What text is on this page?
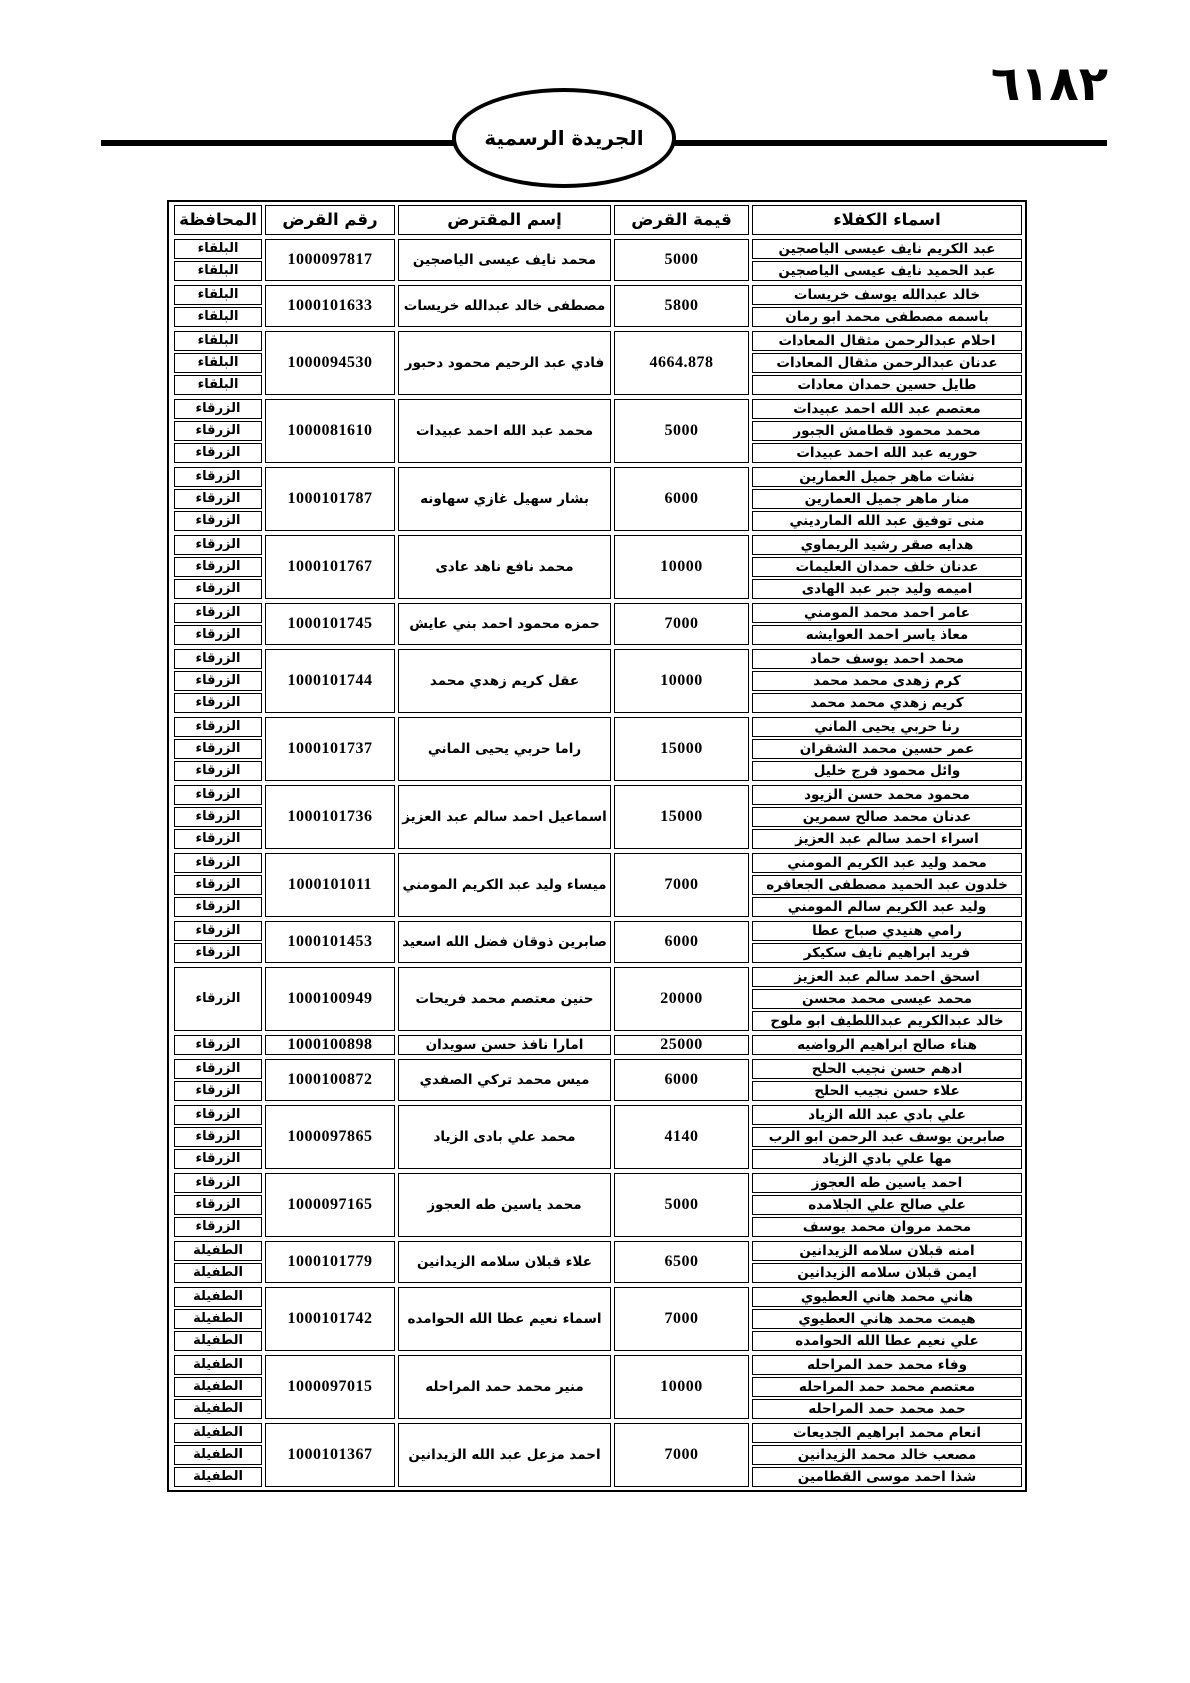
٦١٨٢
الجريدة الرسمية
اسماء الكفلاء
قيمة القرض
إسم المقترض
رقم القرض
المحافظة
عبد الكريم نايف عيسى الياصجين
عبد الحميد نايف عيسى الياصجين
5000
محمد نايف عيسى الياصجين
1000097817
البلقاء
البلقاء
خالد عبدالله يوسف خريسات
باسمه مصطفى محمد ابو رمان
5800
مصطفى خالد عبدالله خريسات
1000101633
البلقاء
البلقاء
احلام عبدالرحمن مثقال المعادات
عدنان عبدالرحمن مثقال المعادات
طايل حسين حمدان معادات
4664.878
فادي عبد الرحيم محمود دحبور
1000094530
البلقاء
البلقاء
البلقاء
معتصم عبد الله احمد عبيدات
محمد محمود قطامش الجبور
حوريه عبد الله احمد عبيدات
5000
محمد عبد الله احمد عبيدات
1000081610
الزرقاء
الزرقاء
الزرقاء
نشات ماهر جميل العمارين
منار ماهر جميل العمارين
منى توفيق عبد الله المارديني
6000
بشار سهيل غازي سهاونه
1000101787
الزرقاء
الزرقاء
الزرقاء
هدايه صقر رشيد الريماوي
عدنان خلف حمدان العليمات
اميمه وليد جبر عبد الهادى
10000
محمد نافع ناهد عادى
1000101767
الزرقاء
الزرقاء
الزرقاء
عامر احمد محمد المومني
معاذ ياسر احمد العوايشه
7000
حمزه محمود احمد بني عايش
1000101745
الزرقاء
الزرقاء
محمد احمد يوسف حماد
كرم زهدى محمد محمد
كريم زهدي محمد محمد
10000
عقل كريم زهدي محمد
1000101744
الزرقاء
الزرقاء
الزرقاء
رنا حربي يحيى الماني
عمر حسين محمد الشقران
وائل محمود فرج خليل
15000
راما حربي يحيى الماني
1000101737
الزرقاء
الزرقاء
الزرقاء
محمود محمد حسن الزيود
عدنان محمد صالح سمرين
اسراء احمد سالم عبد العزيز
15000
اسماعيل احمد سالم عبد العزيز
1000101736
الزرقاء
الزرقاء
الزرقاء
محمد وليد عبد الكريم المومني
خلدون عبد الحميد مصطفى الجعافره
وليد عبد الكريم سالم المومني
7000
ميساء وليد عبد الكريم المومني
1000101011
الزرقاء
الزرقاء
الزرقاء
رامي هنيدي صباح عطا
فريد ابراهيم نايف سكيكر
6000
صابرين ذوقان فضل الله اسعيد
1000101453
الزرقاء
الزرقاء
اسحق احمد سالم عبد العزيز
محمد عيسى محمد محسن
خالد عبدالكريم عبداللطيف ابو ملوح
20000
حنين معتصم محمد فريحات
1000100949
الزرقاء
هناء صالح ابراهيم الرواضيه
25000
امارا نافذ حسن سويدان
1000100898
الزرقاء
ادهم حسن نجيب الحلح
علاء حسن نجيب الحلح
6000
ميس محمد تركي الصفدي
1000100872
الزرقاء
الزرقاء
علي بادي عبد الله الزياد
صابرين يوسف عبد الرحمن ابو الرب
مها علي بادي الزياد
4140
محمد علي بادى الزياد
1000097865
الزرقاء
الزرقاء
الزرقاء
احمد ياسين طه العجوز
علي صالح علي الجلامده
محمد مروان محمد يوسف
5000
محمد ياسين طه العجوز
1000097165
الزرقاء
الزرقاء
الزرقاء
امنه قبلان سلامه الزيدانين
ايمن قبلان سلامه الزيدانين
6500
علاء قبلان سلامه الزيدانين
1000101779
الطفيلة
الطفيلة
هاني محمد هاني العطيوي
هيمت محمد هاني العطيوي
علي نعيم عطا الله الحوامده
7000
اسماء نعيم عطا الله الحوامده
1000101742
الطفيلة
الطفيلة
الطفيلة
وفاء محمد حمد المراحله
معتصم محمد حمد المراحله
حمد محمد حمد المراحله
10000
منير محمد حمد المراحله
1000097015
الطفيلة
الطفيلة
الطفيلة
انعام محمد ابراهيم الجديعات
مصعب خالد محمد الزيدانين
شذا احمد موسى القطامين
7000
احمد مزعل عبد الله الزيدانين
1000101367
الطفيلة
الطفيلة
الطفيلة
